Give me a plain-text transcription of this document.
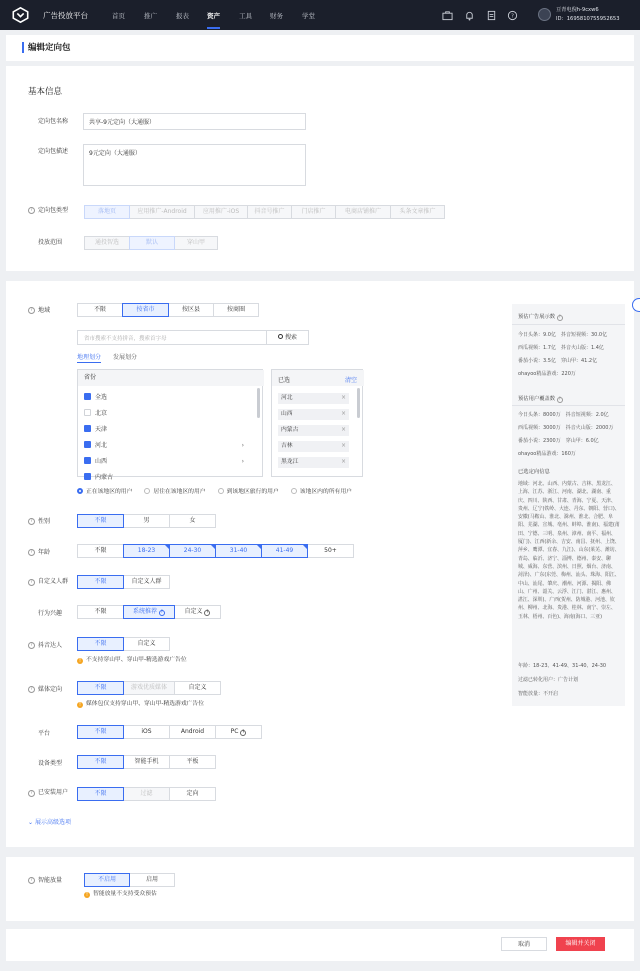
广告投放平台	首页	推广	报表	资产	工具	财务	学堂	?
豆青电倪h-9cxw6
ID：1695810755952653
编辑定向包
基本信息
定向包名称	共享-9元定向（大通服）
定向包描述	9元定向（大通服）
? 定向包类型	落地页	应用推广-Android	应用推广-iOS	抖音号推广	门店推广	电商店铺推广	头条文章推广
投放范围	通投智选	默认	穿山甲
? 地域	不限	按省市	按区县	按商圈
省市搜索不支持拼音，搜索首字母	搜索
地理划分 发展划分
省份
全选
北京
天津
河北	›
山西	›
内蒙古
已选	清空
河北	×
山西	×
内蒙古	×
吉林	×
黑龙江	×
正在该地区的用户	居住在该地区的用户	到该地区旅行的用户	该地区内的所有用户
? 性别	不限	男	女
? 年龄	不限	18-23	24-30	31-40	41-49	50+
? 自定义人群	不限	自定义人群
行为兴趣	不限	系统推荐 ?	自定义 ?
? 抖音达人	不限	自定义
! 不支持穿山甲、穿山甲-精选游戏广告位
? 媒体定向	不限	游戏优质媒体	自定义
! 媒体包仅支持穿山甲、穿山甲-精选游戏广告位
平台	不限	iOS	Android	PC ?
设备类型	不限	智能手机	平板
? 已安装用户	不限	过滤	定向
⌄ 展示高级选项
预估广告展示数 ?
今日头条：9.0亿　抖音短视频：30.0亿
西瓜视频：1.7亿　抖音火山版：1.4亿
番茄小说：3.5亿　穿山甲：41.2亿
ohayoo精品游戏：220万
预估用户覆盖数 ?
今日头条：8000万　抖音短视频：2.0亿
西瓜视频：3000万　抖音火山版：2000万
番茄小说：2300万　穿山甲：6.0亿
ohayoo精品游戏：160万
已选定向信息
地域：河北、山西、内蒙古、吉林、黑龙江、上海、江苏、浙江、河南、湖北、湖南、重庆、四川、陕西、甘肃、青海、宁夏、天津、贵州、辽宁(铁岭、大连、丹东、朝阳、营口)、安徽(马鞍山、淮北、滁州、淮北、合肥、阜阳、芜湖、宣城、亳州、蚌埠、淮南)、福建(莆田、宁德、三明、泉州、漳州、南平、福州、厦门)、江西(新余、吉安、南昌、抚州、上饶、萍乡、鹰潭、宜春、九江)、山东(莱芜、潍坊、青岛、临沂、济宁、淄博、德州、泰安、聊城、威海、东营、滨州、日照、烟台、济南、菏泽)、广东(东莞、梅州、汕头、珠海、阳江、中山、汕尾、肇庆、潮州、河源、揭阳、佛山、广州、韶关、云浮、江门、湛江、惠州、湛江、深圳)、广西(贺州、防城港、河池、钦州、柳州、北海、贵港、桂林、南宁、崇左、玉林、梧州、百色)、海南(海口、三亚)
年龄：18-23、41-49、31-40、24-30
过滤已转化用户：广告计划
智能放量：不开启
? 智能放量	不启用	启用
! 智能放量不支持受众预估
取消	编辑并关闭
